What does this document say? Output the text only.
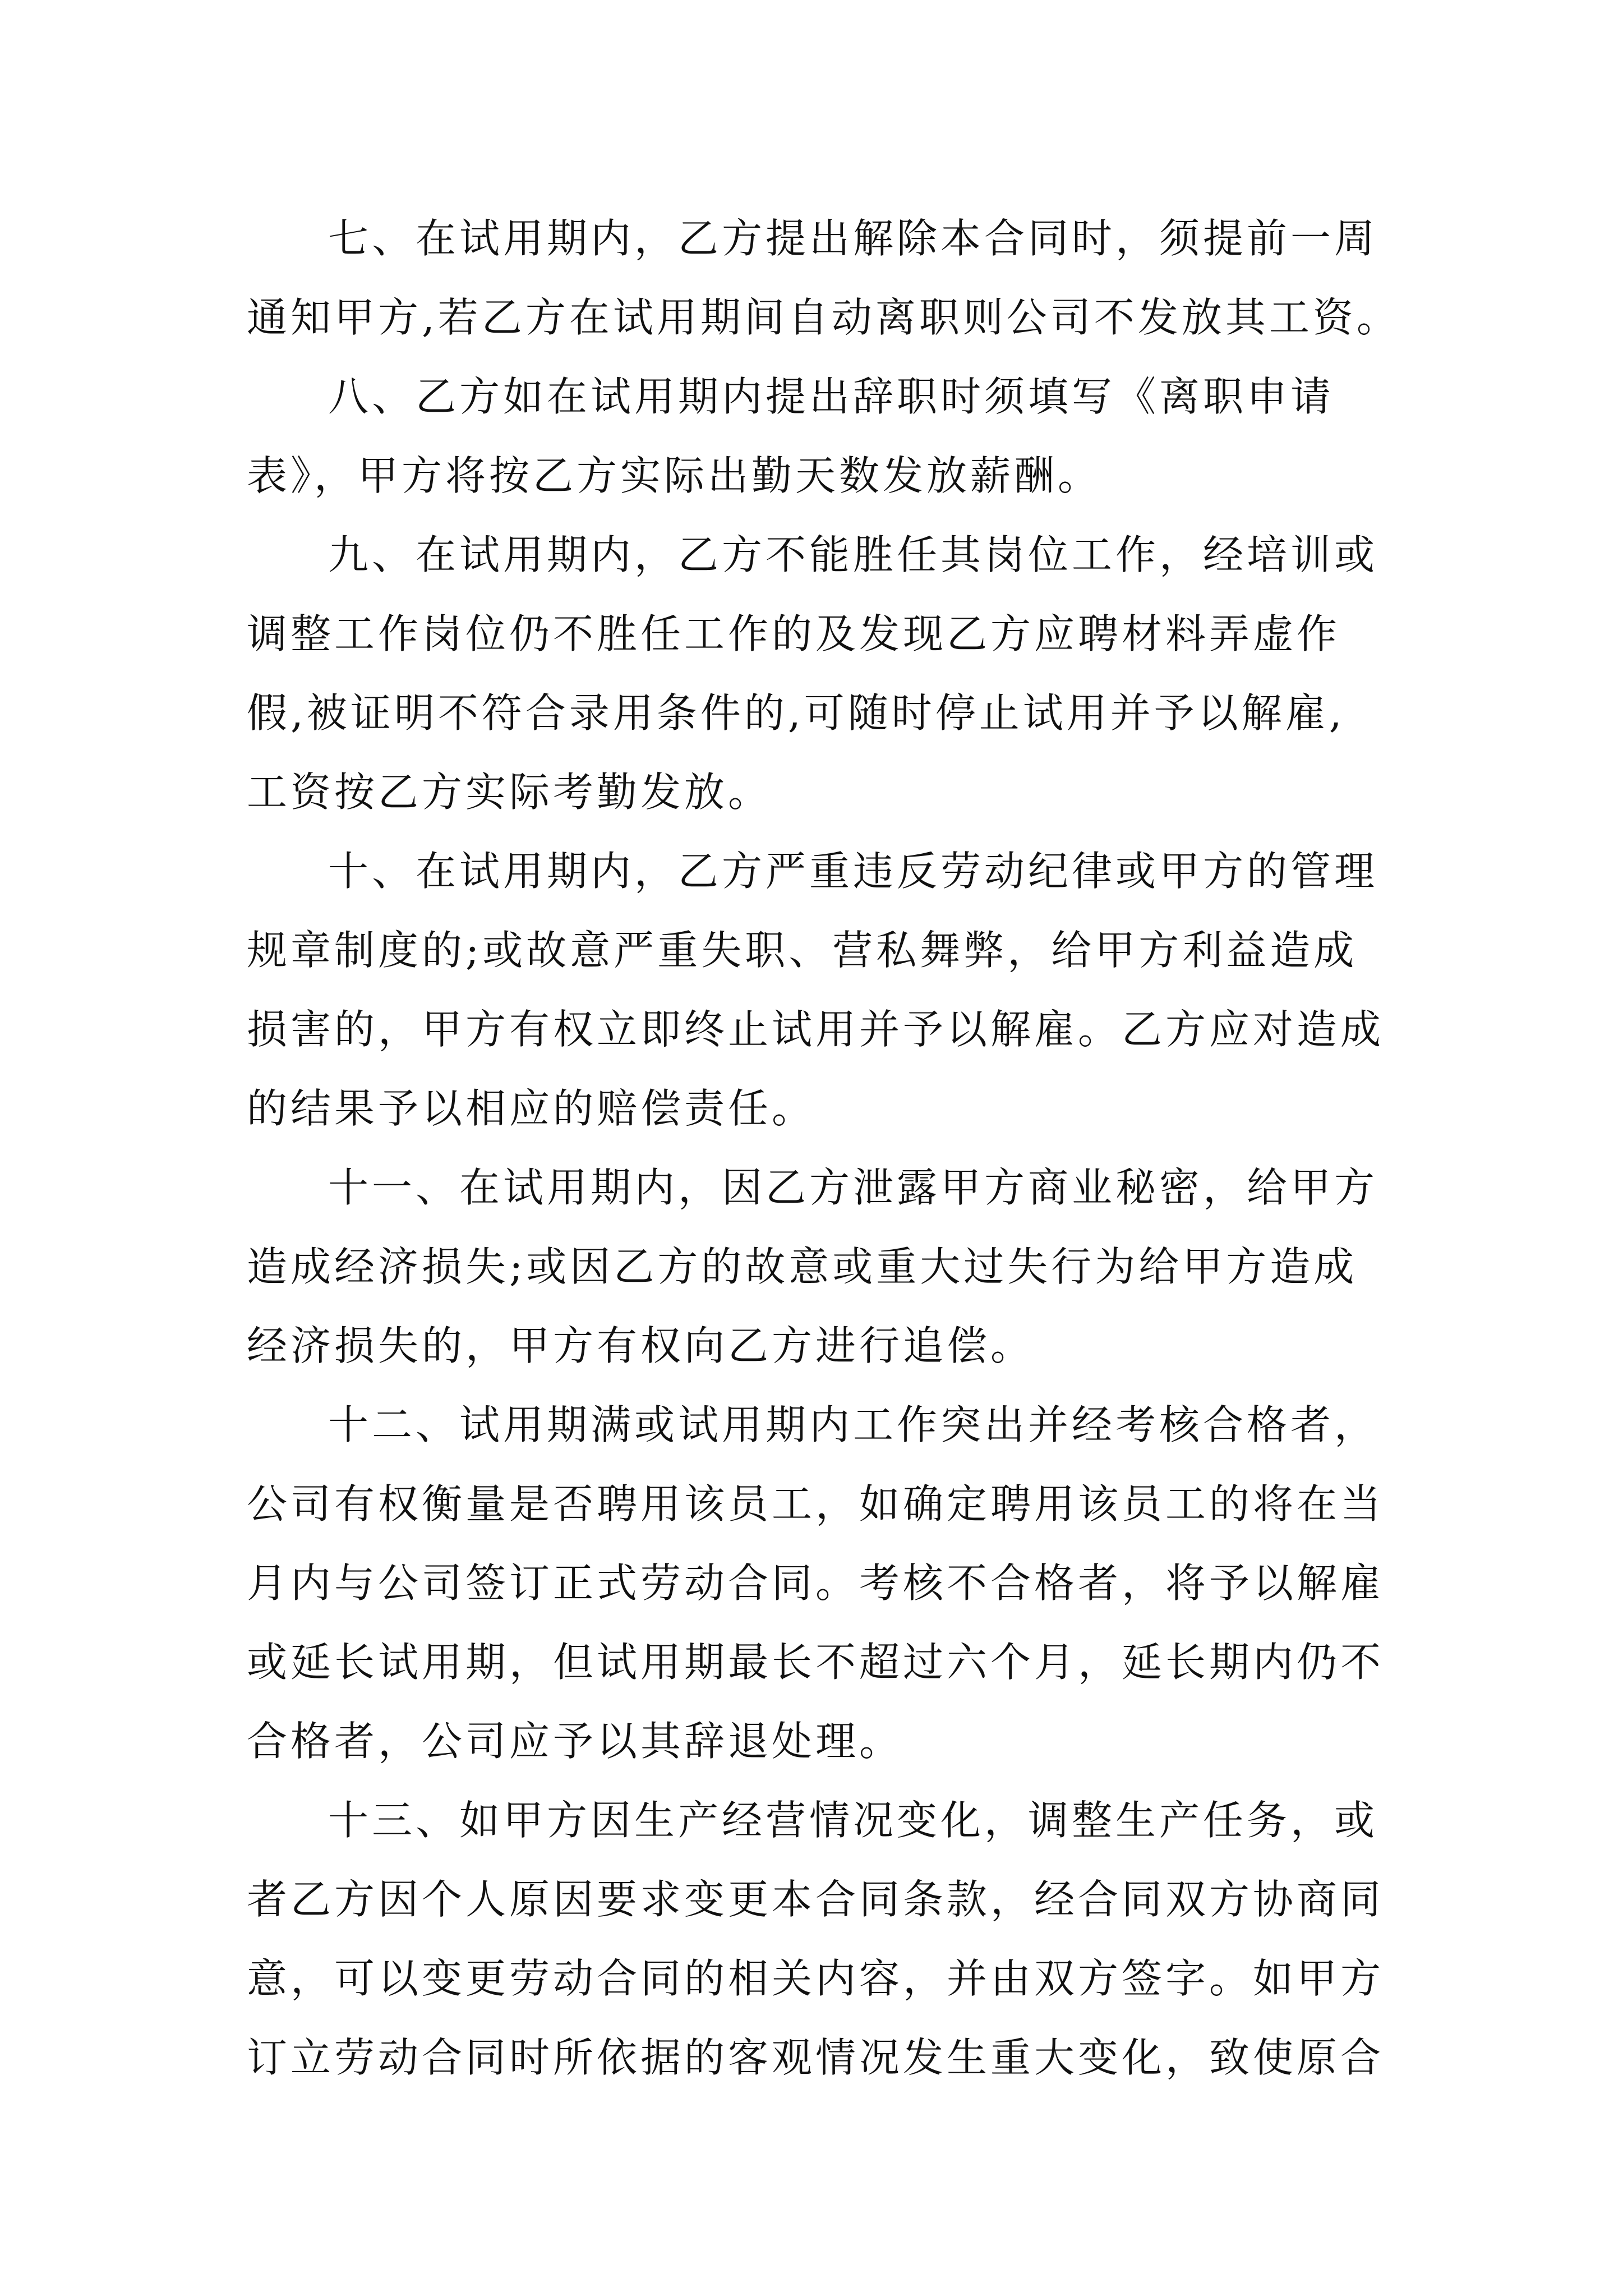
七、在试用期内，乙方提出解除本合同时，须提前一周
通知甲方,若乙方在试用期间自动离职则公司不发放其工资。
八、乙方如在试用期内提出辞职时须填写《离职申请
表》，甲方将按乙方实际出勤天数发放薪酬。
九、在试用期内，乙方不能胜任其岗位工作，经培训或
调整工作岗位仍不胜任工作的及发现乙方应聘材料弄虚作
假,被证明不符合录用条件的,可随时停止试用并予以解雇,
工资按乙方实际考勤发放。
十、在试用期内，乙方严重违反劳动纪律或甲方的管理
规章制度的;或故意严重失职、营私舞弊，给甲方利益造成
损害的，甲方有权立即终止试用并予以解雇。乙方应对造成
的结果予以相应的赔偿责任。
十一、在试用期内，因乙方泄露甲方商业秘密，给甲方
造成经济损失;或因乙方的故意或重大过失行为给甲方造成
经济损失的，甲方有权向乙方进行追偿。
十二、试用期满或试用期内工作突出并经考核合格者，
公司有权衡量是否聘用该员工，如确定聘用该员工的将在当
月内与公司签订正式劳动合同。考核不合格者，将予以解雇
或延长试用期，但试用期最长不超过六个月，延长期内仍不
合格者，公司应予以其辞退处理。
十三、如甲方因生产经营情况变化，调整生产任务，或
者乙方因个人原因要求变更本合同条款，经合同双方协商同
意，可以变更劳动合同的相关内容，并由双方签字。如甲方
订立劳动合同时所依据的客观情况发生重大变化，致使原合
